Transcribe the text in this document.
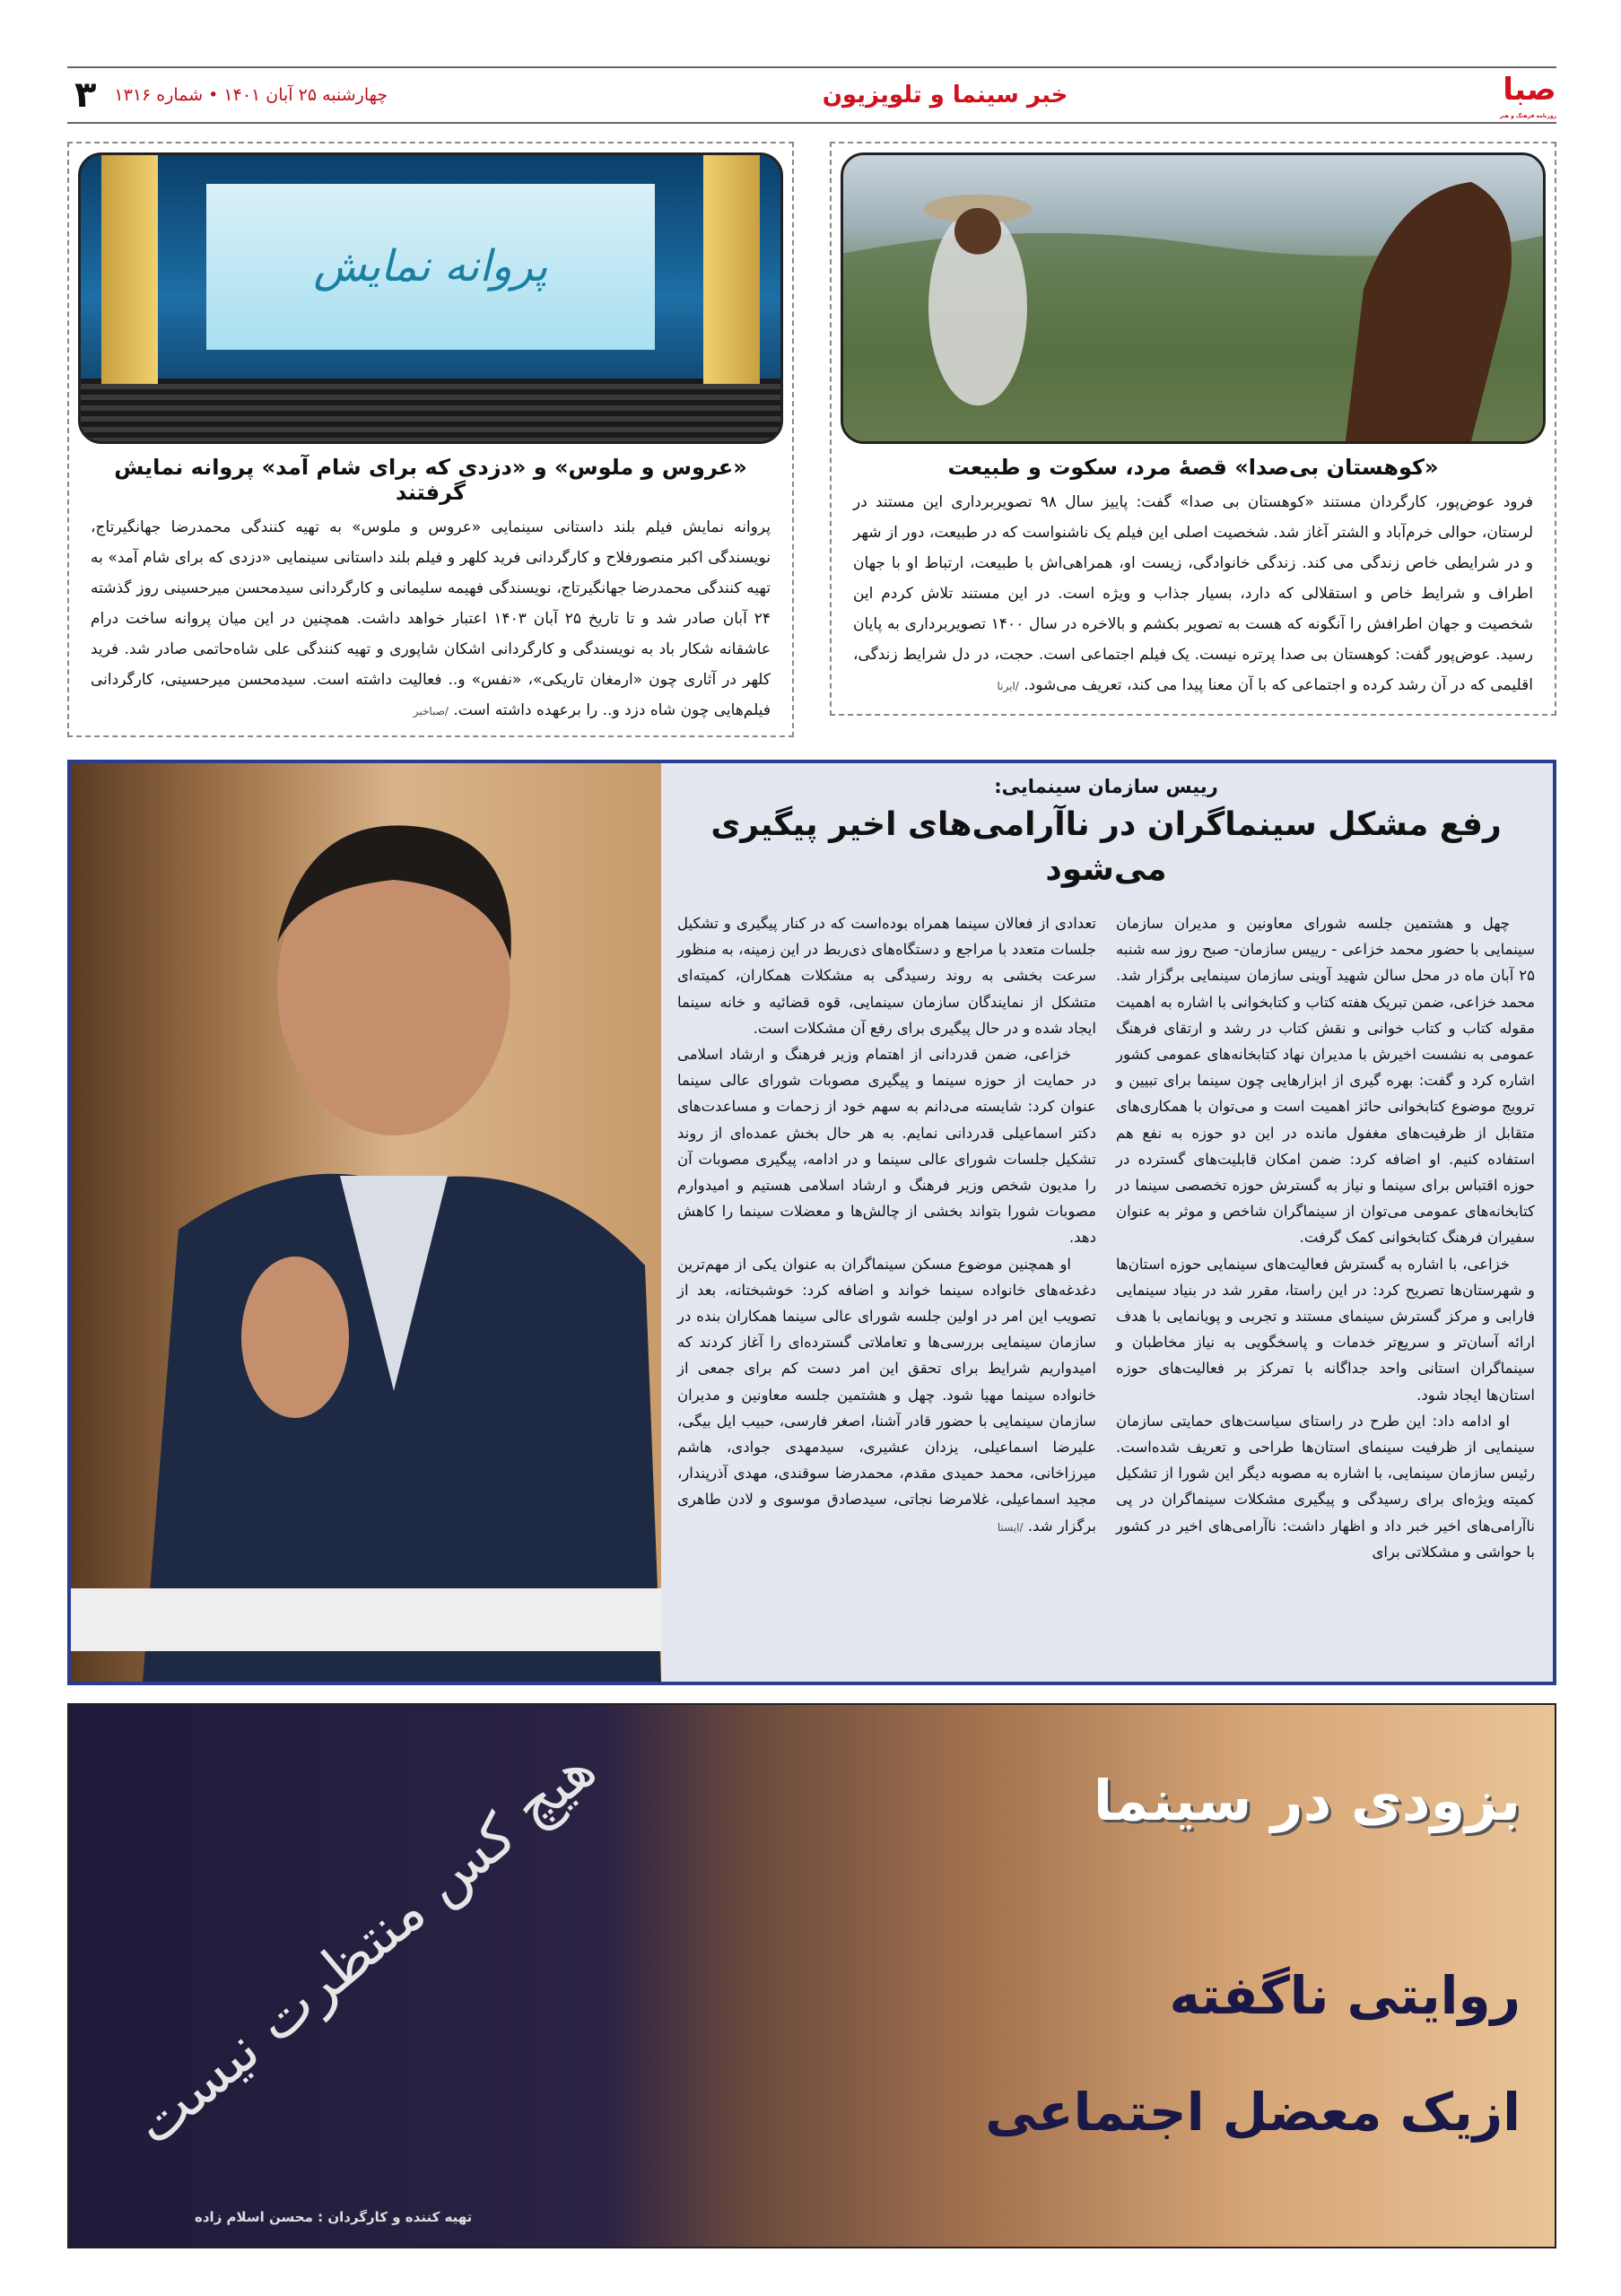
صبا
روزنامه فرهنگ و هنر
خبر سینما و تلویزیون
چهارشنبه ۲۵ آبان ۱۴۰۱ • شماره ۱۳۱۶
۳
«کوهستان بی‌صدا» قصهٔ مرد، سکوت و طبیعت
فرود عوض‌پور، کارگردان مستند «کوهستان بی صدا» گفت: پاییز سال ۹۸ تصویربرداری این مستند در لرستان، حوالی خرم‌آباد و الشتر آغاز شد. شخصیت اصلی این فیلم یک ناشنواست که در طبیعت، دور از شهر و در شرایطی خاص زندگی می کند. زندگی خانوادگی، زیست او، همراهی‌اش با طبیعت، ارتباط او با جهان اطراف و شرایط خاص و استقلالی که دارد، بسیار جذاب و ویژه است. در این مستند تلاش کردم این شخصیت و جهان اطرافش را آنگونه که هست به تصویر بکشم و بالاخره در سال ۱۴۰۰ تصویربرداری به پایان رسید. عوض‌پور گفت: کوهستان بی صدا پرتره نیست. یک فیلم اجتماعی است. حجت، در دل شرایط زندگی، اقلیمی که در آن رشد کرده و اجتماعی که با آن معنا پیدا می کند، تعریف می‌شود. /ایرنا
پروانه نمایش
«عروس و ملوس» و «دزدی که برای شام آمد» پروانه نمایش گرفتند
پروانه نمایش فیلم بلند داستانی سینمایی «عروس و ملوس» به تهیه کنندگی محمدرضا جهانگیرتاج، نویسندگی اکبر منصورفلاح و کارگردانی فرید کلهر و فیلم بلند داستانی سینمایی «دزدی که برای شام آمد» به تهیه کنندگی محمدرضا جهانگیرتاج، نویسندگی فهیمه سلیمانی و کارگردانی سیدمحسن میرحسینی روز گذشته ۲۴ آبان صادر شد و تا تاریخ ۲۵ آبان ۱۴۰۳ اعتبار خواهد داشت. همچنین در این میان پروانه ساخت درام عاشقانه شکار باد به نویسندگی و کارگردانی اشکان شاپوری و تهیه کنندگی علی شاه‌حاتمی صادر شد. فرید کلهر در آثاری چون «ارمغان تاریکی»، «نفس» و.. فعالیت داشته است. سیدمحسن میرحسینی، کارگردانی فیلم‌هایی چون شاه دزد و.. را برعهده داشته است. /صباخبر
رییس سازمان سینمایی:
رفع مشکل سینماگران در ناآرامی‌های اخیر پیگیری می‌شود

چهل و هشتمین جلسه شورای معاونین و مدیران سازمان سینمایی با حضور محمد خزاعی - رییس سازمان- صبح روز سه شنبه ۲۵ آبان ماه در محل سالن شهید آوینی سازمان سینمایی برگزار شد. محمد خزاعی، ضمن تبریک هفته کتاب و کتابخوانی با اشاره به اهمیت مقوله کتاب و کتاب خوانی و نقش کتاب در رشد و ارتقای فرهنگ عمومی به نشست اخیرش با مدیران نهاد کتابخانه‌های عمومی کشور اشاره کرد و گفت: بهره گیری از ابزارهایی چون سینما برای تبیین و ترویج موضوع کتابخوانی حائز اهمیت است و می‌توان با همکاری‌های متقابل از ظرفیت‌های مغفول مانده در این دو حوزه به نفع هم استفاده کنیم. او اضافه کرد: ضمن امکان قابلیت‌های گسترده در حوزه اقتباس برای سینما و نیاز به گسترش حوزه تخصصی سینما در کتابخانه‌های عمومی می‌توان از سینماگران شاخص و موثر به عنوان سفیران فرهنگ کتابخوانی کمک گرفت.

خزاعی، با اشاره به گسترش فعالیت‌های سینمایی حوزه استان‌ها و شهرستان‌ها تصریح کرد: در این راستا، مقرر شد در بنیاد سینمایی فارابی و مرکز گسترش سینمای مستند و تجربی و پویانمایی با هدف ارائه آسان‌تر و سریع‌تر خدمات و پاسخگویی به نیاز مخاطبان و سینماگران استانی واحد جداگانه با تمرکز بر فعالیت‌های حوزه استان‌ها ایجاد شود.

او ادامه داد: این طرح در راستای سیاست‌های حمایتی سازمان سینمایی از ظرفیت سینمای استان‌ها طراحی و تعریف شده‌است. رئیس سازمان سینمایی، با اشاره به مصوبه دیگر این شورا از تشکیل کمیته ویژه‌ای برای رسیدگی و پیگیری مشکلات سینماگران در پی ناآرامی‌های اخیر خبر داد و اظهار داشت: ناآرامی‌های اخیر در کشور با حواشی و مشکلاتی برای

تعدادی از فعالان سینما همراه بوده‌است که در کنار پیگیری و تشکیل جلسات متعدد با مراجع و دستگاه‌های ذی‌ربط در این زمینه، به منظور سرعت بخشی به روند رسیدگی به مشکلات همکاران، کمیته‌ای متشکل از نمایندگان سازمان سینمایی، قوه قضائیه و خانه سینما ایجاد شده و در حال پیگیری برای رفع آن مشکلات است.

خزاعی، ضمن قدردانی از اهتمام وزیر فرهنگ و ارشاد اسلامی در حمایت از حوزه سینما و پیگیری مصوبات شورای عالی سینما عنوان کرد: شایسته می‌دانم به سهم خود از زحمات و مساعدت‌های دکتر اسماعیلی قدردانی نمایم. به هر حال بخش عمده‌ای از روند تشکیل جلسات شورای عالی سینما و در ادامه، پیگیری مصوبات آن را مدیون شخص وزیر فرهنگ و ارشاد اسلامی هستیم و امیدوارم مصوبات شورا بتواند بخشی از چالش‌ها و معضلات سینما را کاهش دهد.

او همچنین موضوع مسکن سینماگران به عنوان یکی از مهم‌ترین دغدغه‌های خانواده سینما خواند و اضافه کرد: خوشبختانه، بعد از تصویب این امر در اولین جلسه شورای عالی سینما همکاران بنده در سازمان سینمایی بررسی‌ها و تعاملاتی گسترده‌ای را آغاز کردند که امیدواریم شرایط برای تحقق این امر دست کم برای جمعی از خانواده سینما مهیا شود. چهل و هشتمین جلسه معاونین و مدیران سازمان سینمایی با حضور قادر آشنا، اصغر فارسی، حبیب ایل بیگی، علیرضا اسماعیلی، یزدان عشیری، سیدمهدی جوادی، هاشم میرزاخانی، محمد حمیدی مقدم، محمدرضا سوقندی، مهدی آذرپندار، مجید اسماعیلی، غلامرضا نجاتی، سیدصادق موسوی و لادن طاهری برگزار شد. /ایسنا

هیچ کس منتظرت نیست
تهیه کننده و کارگردان : محسن اسلام زاده
بزودی در سینما
روایتی ناگفته
ازیک معضل اجتماعی
